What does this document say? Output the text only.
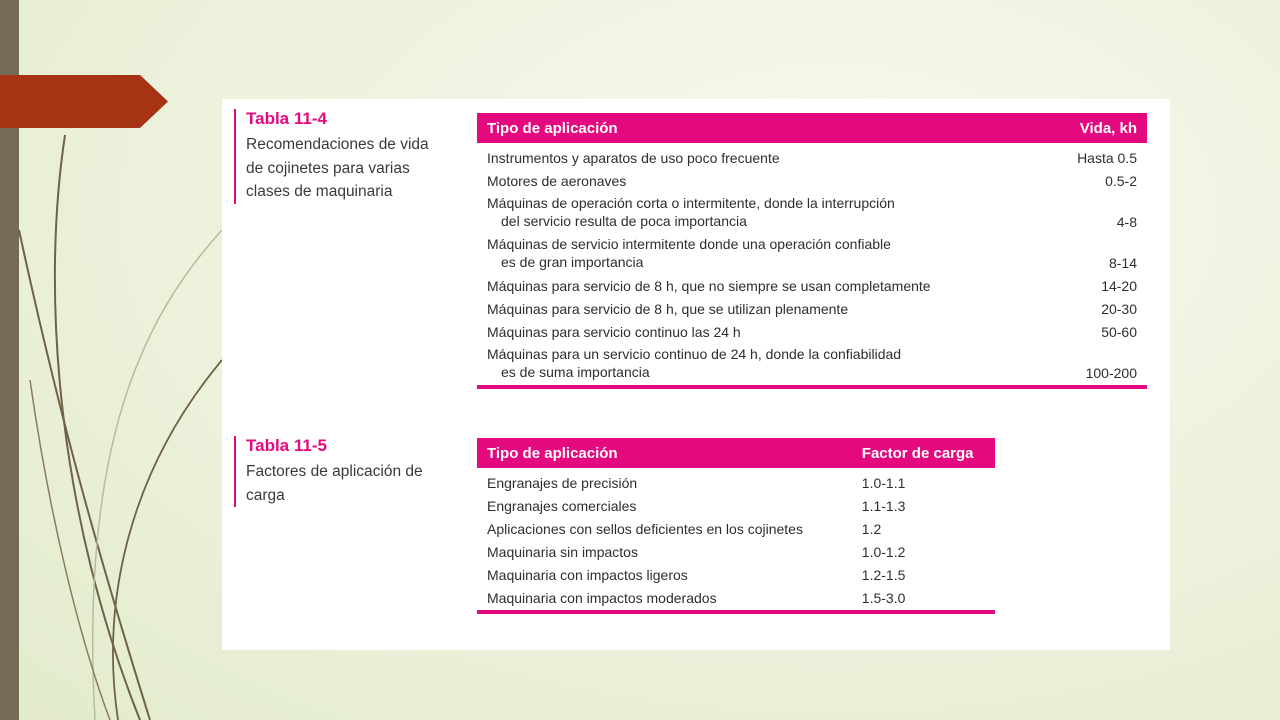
Tabla 11-4
Recomendaciones de vida de cojinetes para varias clases de maquinaria
Tipo de aplicación	Vida, kh
Instrumentos y aparatos de uso poco frecuente	Hasta 0.5
Motores de aeronaves	0.5-2
Máquinas de operación corta o intermitente, donde la interrupción
del servicio resulta de poca importancia	4-8
Máquinas de servicio intermitente donde una operación confiable
es de gran importancia	8-14
Máquinas para servicio de 8 h, que no siempre se usan completamente	14-20
Máquinas para servicio de 8 h, que se utilizan plenamente	20-30
Máquinas para servicio continuo las 24 h	50-60
Máquinas para un servicio continuo de 24 h, donde la confiabilidad
es de suma importancia	100-200
Tabla 11-5
Factores de aplicación de carga
Tipo de aplicación	Factor de carga
Engranajes de precisión	1.0-1.1
Engranajes comerciales	1.1-1.3
Aplicaciones con sellos deficientes en los cojinetes	1.2
Maquinaria sin impactos	1.0-1.2
Maquinaria con impactos ligeros	1.2-1.5
Maquinaria con impactos moderados	1.5-3.0
